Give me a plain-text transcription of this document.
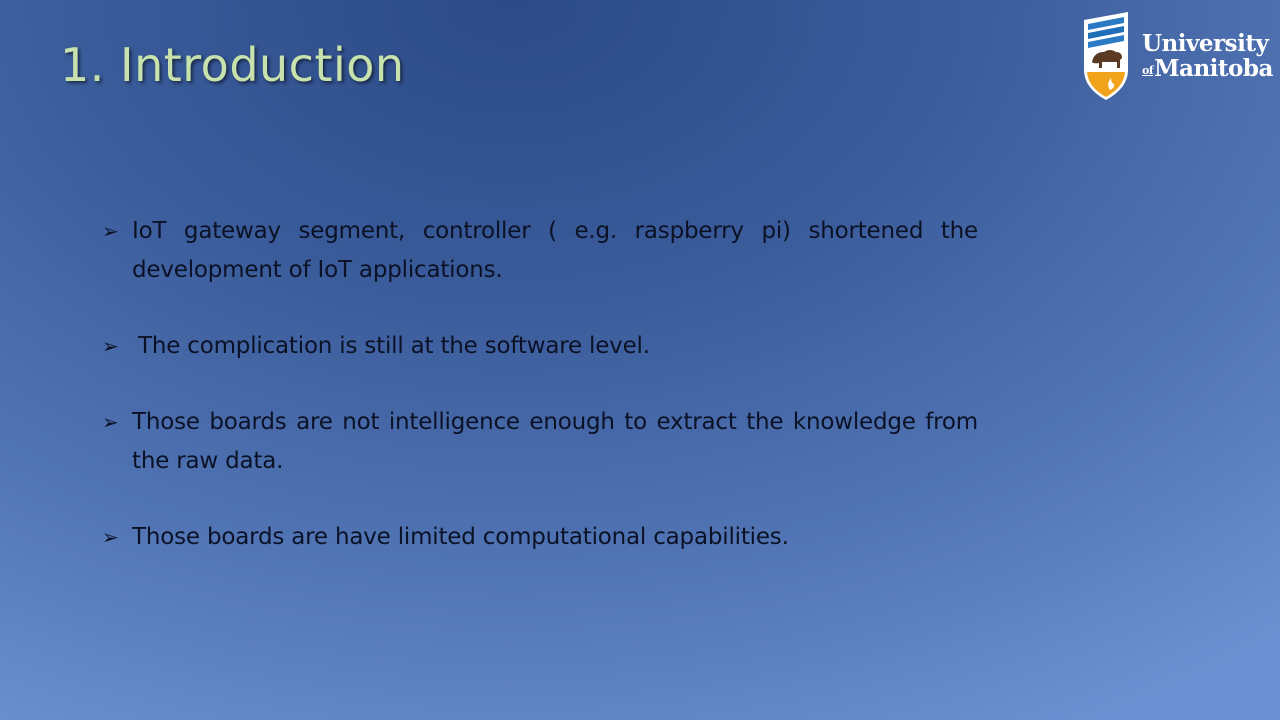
1. Introduction	University
ofManitoba
➢ IoT gateway segment, controller ( e.g. raspberry pi) shortened the development of IoT applications.
➢ The complication is still at the software level.
➢ Those boards are not intelligence enough to extract the knowledge from the raw data.
➢ Those boards are have limited computational capabilities.
